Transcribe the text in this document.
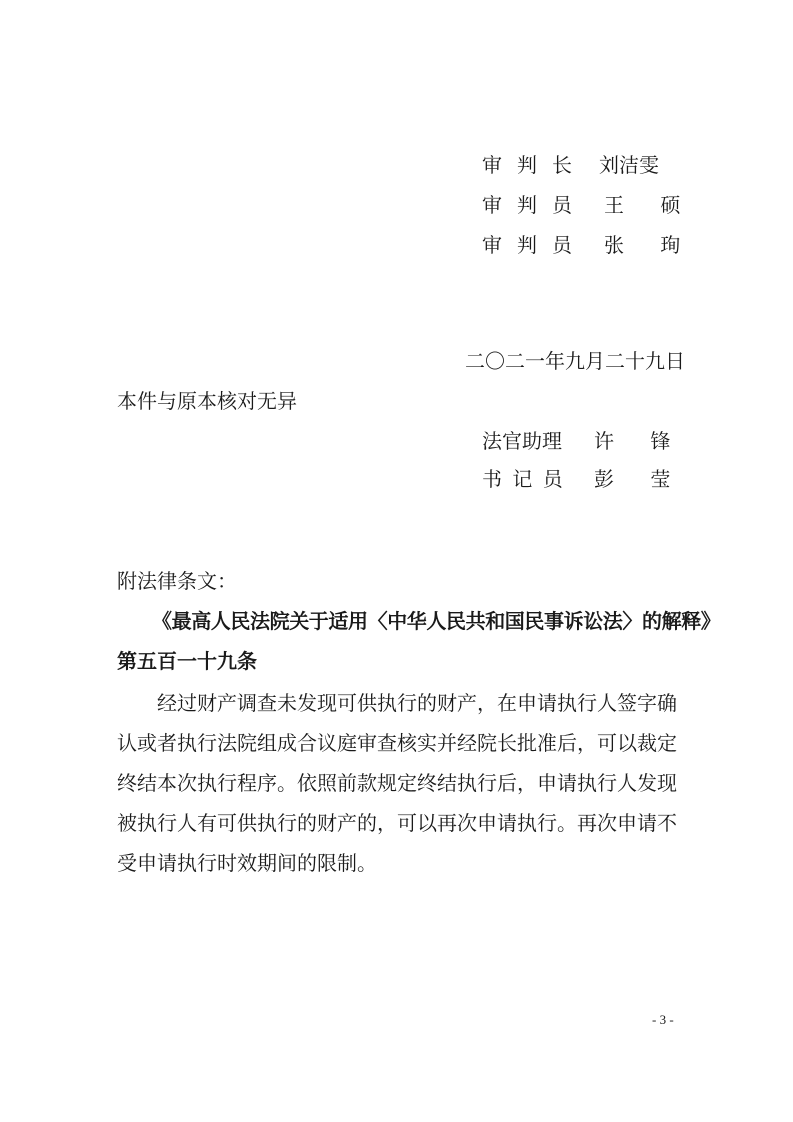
审判长 刘洁雯
审判员 王 硕
审判员 张 珣
二〇二一年九月二十九日
本件与原本核对无异
法官助理 许 锋
书 记 员 彭 莹
附法律条文：
《最高人民法院关于适用〈中华人民共和国民事诉讼法〉的解释》
第五百一十九条

经过财产调查未发现可供执行的财产，在申请执行人签字确认或者执行法院组成合议庭审查核实并经院长批准后，可以裁定终结本次执行程序。依照前款规定终结执行后，申请执行人发现被执行人有可供执行的财产的，可以再次申请执行。再次申请不受申请执行时效期间的限制。

- 3 -
